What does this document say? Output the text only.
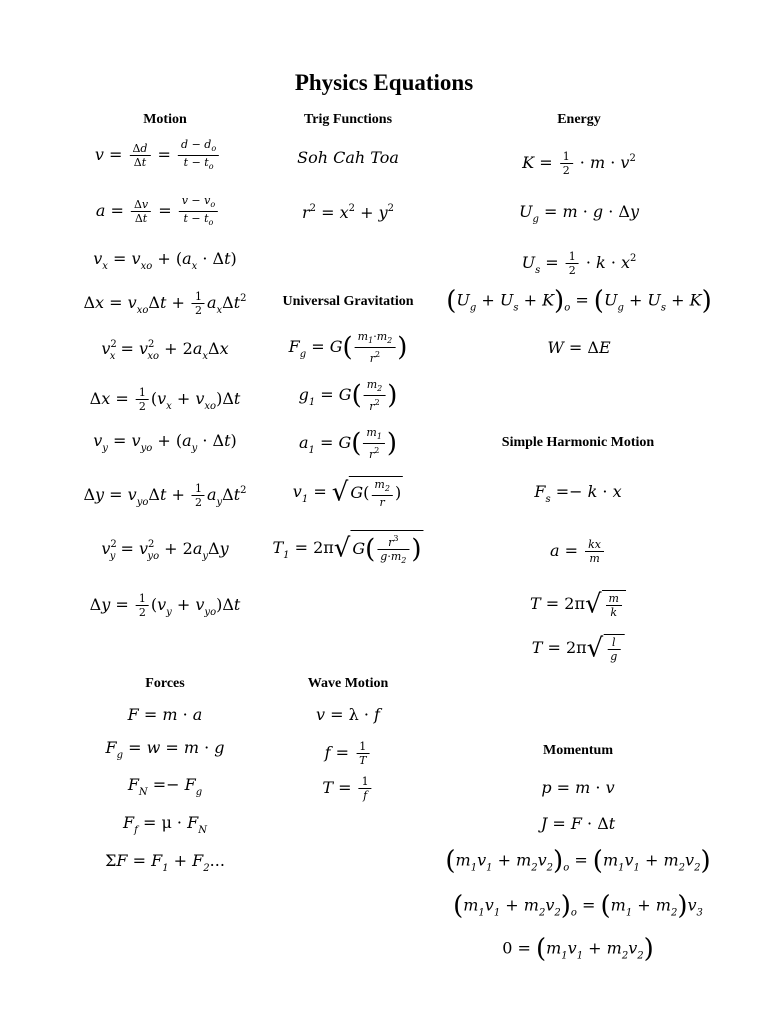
Physics Equations
Motion	Trig Functions	Energy
Universal Gravitation
Simple Harmonic Motion
Forces	Wave Motion
Momentum
$v = \frac{\Delta d}{\Delta t} = \frac{d - d_o}{t - t_o}$
$a = \frac{\Delta v}{\Delta t} = \frac{v - v_o}{t - t_o}$
$v_x = v_{xo} + (a_x \cdot \Delta t)$
$\Delta x = v_{xo}\Delta t + \frac{1}{2} a_x\Delta t^2$
$v^2_x = v^2_{xo} + 2a_x\Delta x$
$\Delta x = \frac{1}{2} (v_x + v_{xo})\Delta t$
$v_y = v_{yo} + (a_y \cdot \Delta t)$
$\Delta y = v_{yo}\Delta t + \frac{1}{2} a_y\Delta t^2$
$v^2_y = v^2_{yo} + 2a_y\Delta y$
$\Delta y = \frac{1}{2} (v_y + v_{yo})\Delta t$
Soh Cah Toa
$r^2 = x^2 + y^2$
$F_g = G( \frac{m_1\cdot m_2}{r^2}$ )
$g_1 = G( \frac{m_2}{r^2}$ )
$a_1 = G( \frac{m_1}{r^2}$ )
$v_1$ = √ $G( \frac{m_2}{r}$ )
$T_1 = 2\pi√$ $G( \frac{r^3}{g\cdot m_2}$ )
$K = \frac{1}{2} \cdot m \cdot v^2$
$U_g = m \cdot g \cdot \Delta y$
$U_s = \frac{1}{2} \cdot k \cdot x^2$
$(U_g + U_s + K)_o = (U_g + U_s + K)$
W = ΔE
$F_s =- k \cdot x$
$a = \frac{kx}{m}$
$T = 2\pi√ \frac{m}{k}$
$T = 2\pi√ \frac{l}{g}$
F = m · a
$F_g = w = m \cdot g$
$F_N =- F_g$
$F_f = \mu \cdot F_N$
$\Sigma F = F_1 + F_2$...
v = λ · f
$f = \frac{1}{T}$
$T = \frac{1}{f}$	p = m · v
J = F · Δt
$(m_1v_1 + m_2v_2)_o = (m_1v_1 + m_2v_2)$
$(m_1v_1 + m_2v_2)_o = (m_1 + m_2)v_3$
$0 = (m_1v_1 + m_2v_2)$
